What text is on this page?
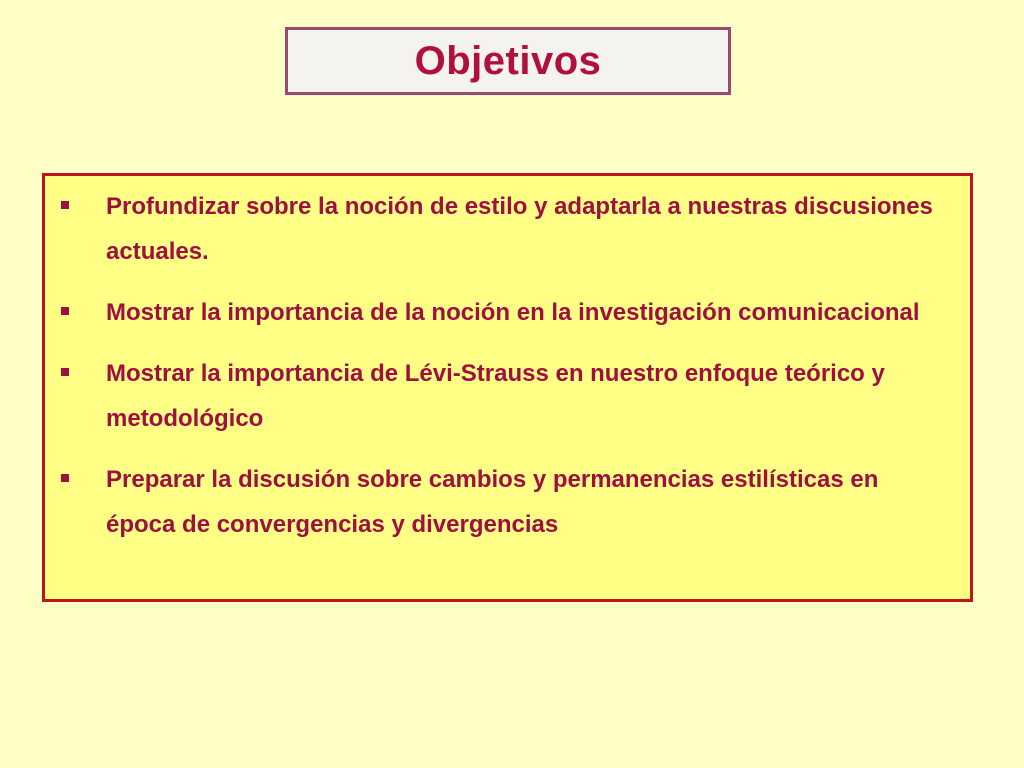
Objetivos
Profundizar sobre la noción de estilo y adaptarla a nuestras discusiones actuales.
Mostrar la importancia de la noción en la investigación comunicacional
Mostrar la importancia de Lévi-Strauss en nuestro enfoque teórico y metodológico
Preparar la discusión sobre cambios y permanencias estilísticas en época de convergencias y divergencias
